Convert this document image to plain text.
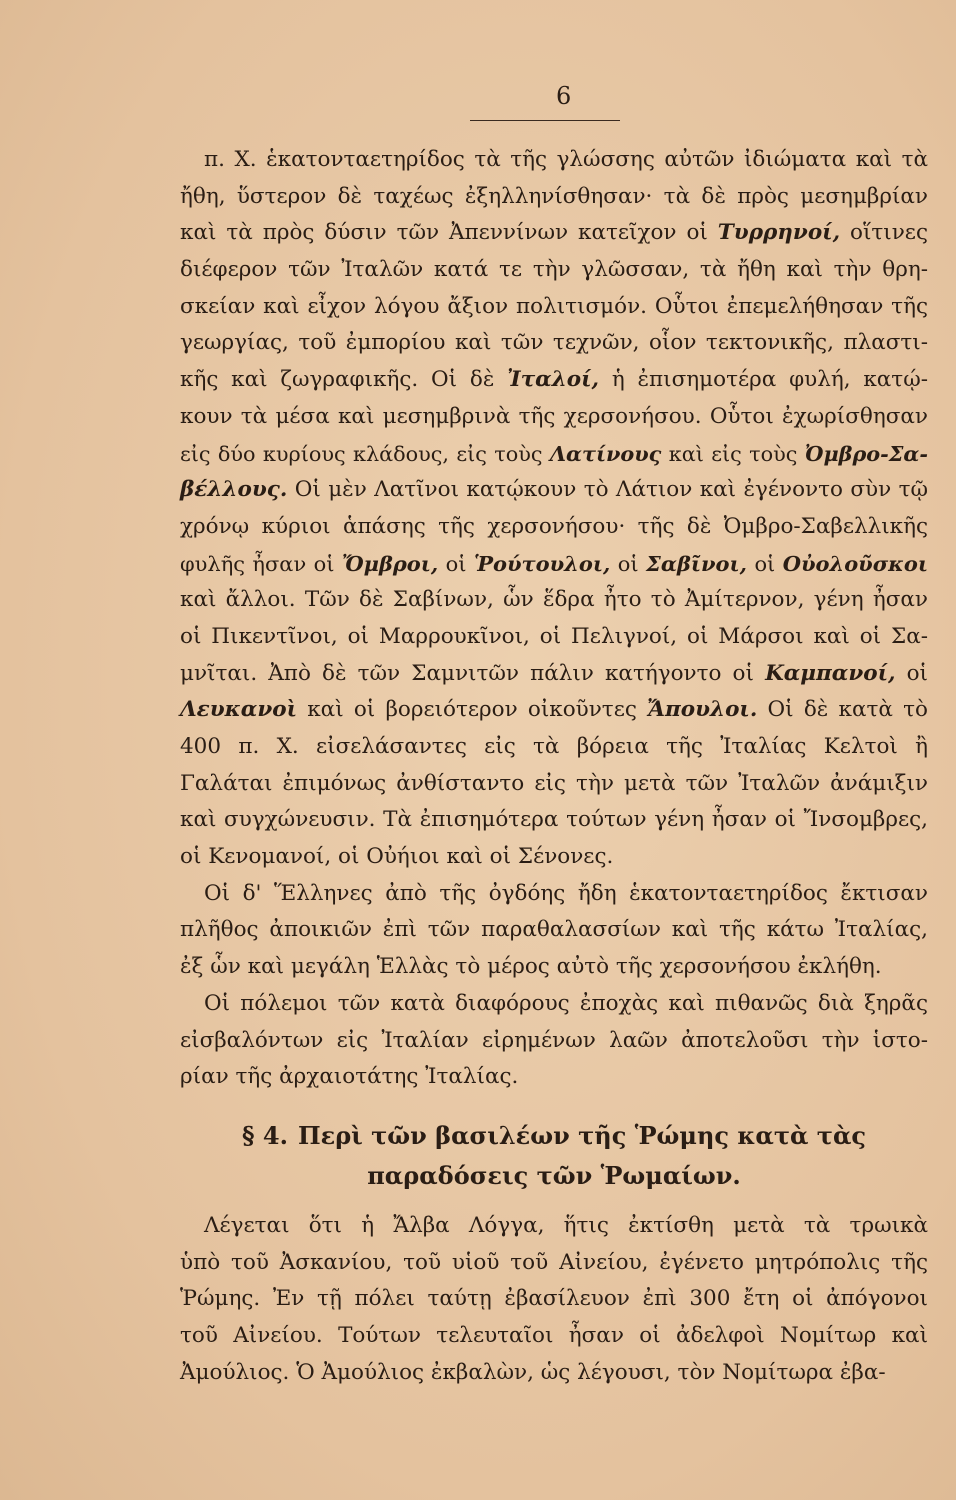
6
π. Χ. ἑκατονταετηρίδος τὰ τῆς γλώσσης αὐτῶν ἰδιώματα καὶ τὰ
ἤθη, ὕστερον δὲ ταχέως ἐξηλληνίσθησαν· τὰ δὲ πρὸς μεσημβρίαν
καὶ τὰ πρὸς δύσιν τῶν Ἀπεννίνων κατεῖχον οἱ Τυρρηνοί, οἵτινες
διέφερον τῶν Ἰταλῶν κατά τε τὴν γλῶσσαν, τὰ ἤθη καὶ τὴν θρη-
σκείαν καὶ εἶχον λόγου ἄξιον πολιτισμόν. Οὗτοι ἐπεμελήθησαν τῆς
γεωργίας, τοῦ ἐμπορίου καὶ τῶν τεχνῶν, οἷον τεκτονικῆς, πλαστι-
κῆς καὶ ζωγραφικῆς. Οἱ δὲ Ἰταλοί, ἡ ἐπισημοτέρα φυλή, κατῴ-
κουν τὰ μέσα καὶ μεσημβρινὰ τῆς χερσονήσου. Οὗτοι ἐχωρίσθησαν
εἰς δύο κυρίους κλάδους, εἰς τοὺς Λατίνους καὶ εἰς τοὺς Ὀμβρο-Σα-
βέλλους. Οἱ μὲν Λατῖνοι κατῴκουν τὸ Λάτιον καὶ ἐγένοντο σὺν τῷ
χρόνῳ κύριοι ἁπάσης τῆς χερσονήσου· τῆς δὲ Ὀμβρο-Σαβελλικῆς
φυλῆς ἦσαν οἱ Ὄμβροι, οἱ Ῥούτουλοι, οἱ Σαβῖνοι, οἱ Οὐολοῦσκοι
καὶ ἄλλοι. Τῶν δὲ Σαβίνων, ὧν ἕδρα ἦτο τὸ Ἀμίτερνον, γένη ἦσαν
οἱ Πικεντῖνοι, οἱ Μαρρουκῖνοι, οἱ Πελιγνοί, οἱ Μάρσοι καὶ οἱ Σα-
μνῖται. Ἀπὸ δὲ τῶν Σαμνιτῶν πάλιν κατήγοντο οἱ Καμπανοί, οἱ
Λευκανοὶ καὶ οἱ βορειότερον οἰκοῦντες Ἄπουλοι. Οἱ δὲ κατὰ τὸ
400 π. Χ. εἰσελάσαντες εἰς τὰ βόρεια τῆς Ἰταλίας Κελτοὶ ἢ
Γαλάται ἐπιμόνως ἀνθίσταντο εἰς τὴν μετὰ τῶν Ἰταλῶν ἀνάμιξιν
καὶ συγχώνευσιν. Τὰ ἐπισημότερα τούτων γένη ἦσαν οἱ Ἴνσομβρες,
οἱ Κενομανοί, οἱ Οὐήιοι καὶ οἱ Σένονες.
Οἱ δ' Ἕλληνες ἀπὸ τῆς ὀγδόης ἤδη ἑκατονταετηρίδος ἔκτισαν
πλῆθος ἀποικιῶν ἐπὶ τῶν παραθαλασσίων καὶ τῆς κάτω Ἰταλίας,
ἐξ ὧν καὶ μεγάλη Ἑλλὰς τὸ μέρος αὐτὸ τῆς χερσονήσου ἐκλήθη.
Οἱ πόλεμοι τῶν κατὰ διαφόρους ἐποχὰς καὶ πιθανῶς διὰ ξηρᾶς
εἰσβαλόντων εἰς Ἰταλίαν εἰρημένων λαῶν ἀποτελοῦσι τὴν ἱστο-
ρίαν τῆς ἀρχαιοτάτης Ἰταλίας.
§ 4. Περὶ τῶν βασιλέων τῆς Ῥώμης κατὰ τὰς
παραδόσεις τῶν Ῥωμαίων.
Λέγεται ὅτι ἡ Ἄλβα Λόγγα, ἥτις ἐκτίσθη μετὰ τὰ τρωικὰ
ὑπὸ τοῦ Ἀσκανίου, τοῦ υἱοῦ τοῦ Αἰνείου, ἐγένετο μητρόπολις τῆς
Ῥώμης. Ἐν τῇ πόλει ταύτῃ ἐβασίλευον ἐπὶ 300 ἔτη οἱ ἀπόγονοι
τοῦ Αἰνείου. Τούτων τελευταῖοι ἦσαν οἱ ἀδελφοὶ Νομίτωρ καὶ
Ἀμούλιος. Ὁ Ἀμούλιος ἐκβαλὼν, ὡς λέγουσι, τὸν Νομίτωρα ἐβα-
